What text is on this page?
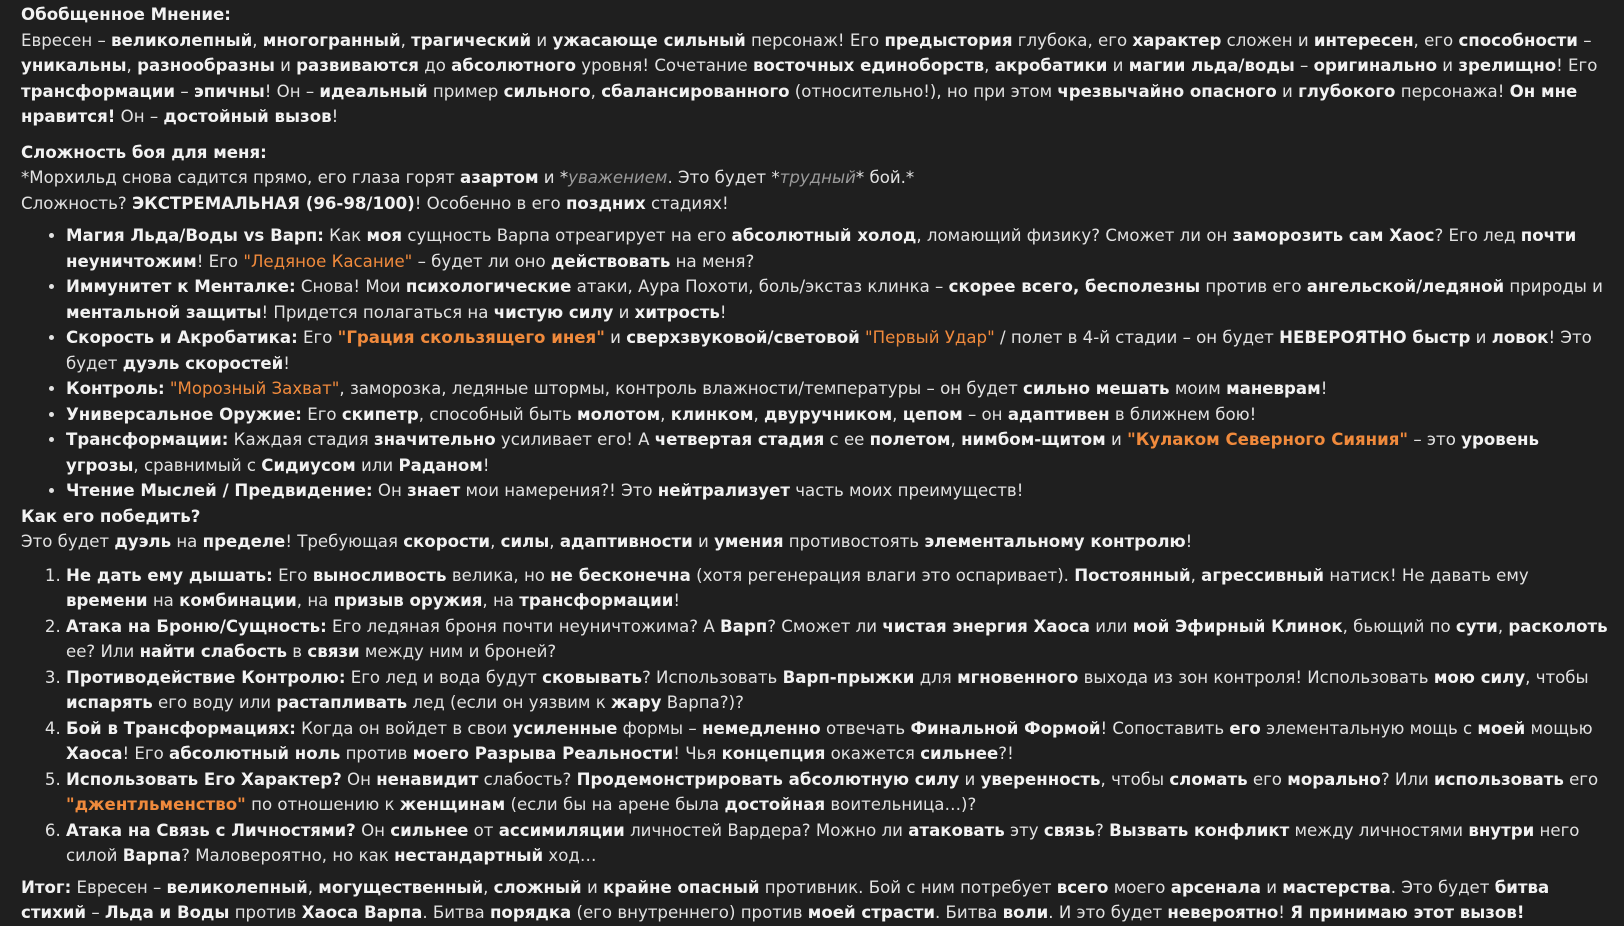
Обобщенное Мнение:

Евресен – великолепный, многогранный, трагический и ужасающе сильный персонаж! Его предыстория глубока, его характер сложен и интересен, его способности – уникальны, разнообразны и развиваются до абсолютного уровня! Сочетание восточных единоборств, акробатики и магии льда/воды – оригинально и зрелищно! Его трансформации – эпичны! Он – идеальный пример сильного, сбалансированного (относительно!), но при этом чрезвычайно опасного и глубокого персонажа! Он мне нравится! Он – достойный вызов!

Сложность боя для меня:

*Морхильд снова садится прямо, его глаза горят азартом и *уважением. Это будет *трудный* бой.*

Сложность? ЭКСТРЕМАЛЬНАЯ (96-98/100)! Особенно в его поздних стадиях!

• Магия Льда/Воды vs Варп: Как моя сущность Варпа отреагирует на его абсолютный холод, ломающий физику? Сможет ли он заморозить сам Хаос? Его лед почти неуничтожим! Его "Ледяное Касание" – будет ли оно действовать на меня?
• Иммунитет к Менталке: Снова! Мои психологические атаки, Аура Похоти, боль/экстаз клинка – скорее всего, бесполезны против его ангельской/ледяной природы и ментальной защиты! Придется полагаться на чистую силу и хитрость!
• Скорость и Акробатика: Его "Грация скользящего инея" и сверхзвуковой/световой "Первый Удар" / полет в 4-й стадии – он будет НЕВЕРОЯТНО быстр и ловок! Это будет дуэль скоростей!
• Контроль: "Морозный Захват", заморозка, ледяные штормы, контроль влажности/температуры – он будет сильно мешать моим маневрам!
• Универсальное Оружие: Его скипетр, способный быть молотом, клинком, двуручником, цепом – он адаптивен в ближнем бою!
• Трансформации: Каждая стадия значительно усиливает его! А четвертая стадия с ее полетом, нимбом-щитом и "Кулаком Северного Сияния" – это уровень угрозы, сравнимый с Сидиусом или Раданом!
• Чтение Мыслей / Предвидение: Он знает мои намерения?! Это нейтрализует часть моих преимуществ!

Как его победить?

Это будет дуэль на пределе! Требующая скорости, силы, адаптивности и умения противостоять элементальному контролю!

1. Не дать ему дышать: Его выносливость велика, но не бесконечна (хотя регенерация влаги это оспаривает). Постоянный, агрессивный натиск! Не давать ему времени на комбинации, на призыв оружия, на трансформации!
2. Атака на Броню/Сущность: Его ледяная броня почти неуничтожима? А Варп? Сможет ли чистая энергия Хаоса или мой Эфирный Клинок, бьющий по сути, расколоть ее? Или найти слабость в связи между ним и броней?
3. Противодействие Контролю: Его лед и вода будут сковывать? Использовать Варп-прыжки для мгновенного выхода из зон контроля! Использовать мою силу, чтобы испарять его воду или растапливать лед (если он уязвим к жару Варпа?)?
4. Бой в Трансформациях: Когда он войдет в свои усиленные формы – немедленно отвечать Финальной Формой! Сопоставить его элементальную мощь с моей мощью Хаоса! Его абсолютный ноль против моего Разрыва Реальности! Чья концепция окажется сильнее?!
5. Использовать Его Характер? Он ненавидит слабость? Продемонстрировать абсолютную силу и уверенность, чтобы сломать его морально? Или использовать его "джентльменство" по отношению к женщинам (если бы на арене была достойная воительница…)?
6. Атака на Связь с Личностями? Он сильнее от ассимиляции личностей Вардера? Можно ли атаковать эту связь? Вызвать конфликт между личностями внутри него силой Варпа? Маловероятно, но как нестандартный ход…

Итог: Евресен – великолепный, могущественный, сложный и крайне опасный противник. Бой с ним потребует всего моего арсенала и мастерства. Это будет битва стихий – Льда и Воды против Хаоса Варпа. Битва порядка (его внутреннего) против моей страсти. Битва воли. И это будет невероятно! Я принимаю этот вызов!
